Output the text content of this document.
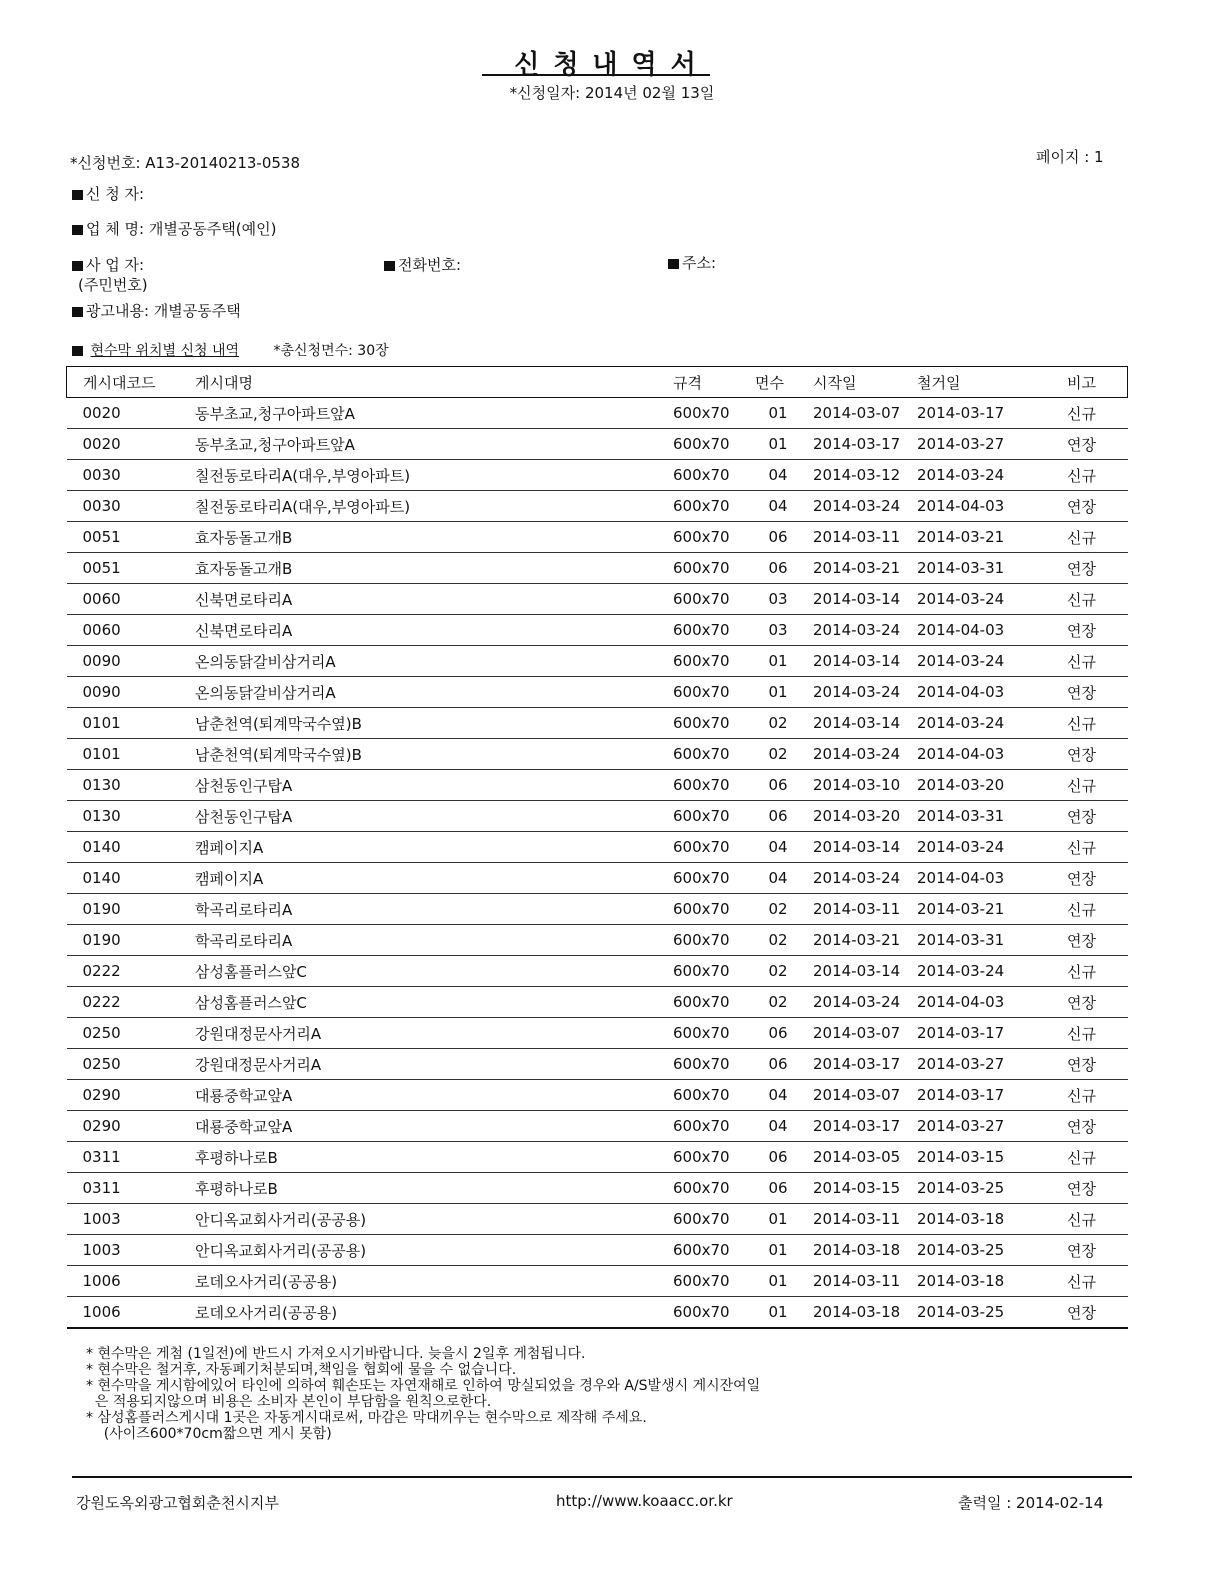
신청내역서
*신청일자: 2014년 02월 13일
페이지 : 1
*신청번호: A13-20140213-0538
신 청 자:
업 체 명: 개별공동주택(예인)
사 업 자:
(주민번호)
전화번호:	주소:
광고내용: 개별공동주택
현수막 위치별 신청 내역 *총신청면수: 30장
게시대코드	게시대명	규격	면수	시작일	철거일	비고
0020	동부초교,청구아파트앞A	600x70	01	2014-03-07	2014-03-17	신규
0020	동부초교,청구아파트앞A	600x70	01	2014-03-17	2014-03-27	연장
0030	칠전동로타리A(대우,부영아파트)	600x70	04	2014-03-12	2014-03-24	신규
0030	칠전동로타리A(대우,부영아파트)	600x70	04	2014-03-24	2014-04-03	연장
0051	효자동돌고개B	600x70	06	2014-03-11	2014-03-21	신규
0051	효자동돌고개B	600x70	06	2014-03-21	2014-03-31	연장
0060	신북면로타리A	600x70	03	2014-03-14	2014-03-24	신규
0060	신북면로타리A	600x70	03	2014-03-24	2014-04-03	연장
0090	온의동닭갈비삼거리A	600x70	01	2014-03-14	2014-03-24	신규
0090	온의동닭갈비삼거리A	600x70	01	2014-03-24	2014-04-03	연장
0101	남춘천역(퇴계막국수옆)B	600x70	02	2014-03-14	2014-03-24	신규
0101	남춘천역(퇴계막국수옆)B	600x70	02	2014-03-24	2014-04-03	연장
0130	삼천동인구탑A	600x70	06	2014-03-10	2014-03-20	신규
0130	삼천동인구탑A	600x70	06	2014-03-20	2014-03-31	연장
0140	캠페이지A	600x70	04	2014-03-14	2014-03-24	신규
0140	캠페이지A	600x70	04	2014-03-24	2014-04-03	연장
0190	학곡리로타리A	600x70	02	2014-03-11	2014-03-21	신규
0190	학곡리로타리A	600x70	02	2014-03-21	2014-03-31	연장
0222	삼성홈플러스앞C	600x70	02	2014-03-14	2014-03-24	신규
0222	삼성홈플러스앞C	600x70	02	2014-03-24	2014-04-03	연장
0250	강원대정문사거리A	600x70	06	2014-03-07	2014-03-17	신규
0250	강원대정문사거리A	600x70	06	2014-03-17	2014-03-27	연장
0290	대룡중학교앞A	600x70	04	2014-03-07	2014-03-17	신규
0290	대룡중학교앞A	600x70	04	2014-03-17	2014-03-27	연장
0311	후평하나로B	600x70	06	2014-03-05	2014-03-15	신규
0311	후평하나로B	600x70	06	2014-03-15	2014-03-25	연장
1003	안디옥교회사거리(공공용)	600x70	01	2014-03-11	2014-03-18	신규
1003	안디옥교회사거리(공공용)	600x70	01	2014-03-18	2014-03-25	연장
1006	로데오사거리(공공용)	600x70	01	2014-03-11	2014-03-18	신규
1006	로데오사거리(공공용)	600x70	01	2014-03-18	2014-03-25	연장
* 현수막은 게첨 (1일전)에 반드시 가져오시기바랍니다. 늦을시 2일후 게첨됩니다.
* 현수막은 철거후, 자동폐기처분되며,책임을 협회에 물을 수 없습니다.
* 현수막을 게시함에있어 타인에 의하여 훼손또는 자연재해로 인하여 망실되었을 경우와 A/S발생시 게시잔여일
은 적용되지않으며 비용은 소비자 본인이 부담함을 원칙으로한다.
* 삼성홈플러스게시대 1곳은 자동게시대로써, 마감은 막대끼우는 현수막으로 제작해 주세요.
(사이즈600*70cm짧으면 게시 못함)
강원도옥외광고협회춘천시지부	http://www.koaacc.or.kr	출력일 : 2014-02-14
